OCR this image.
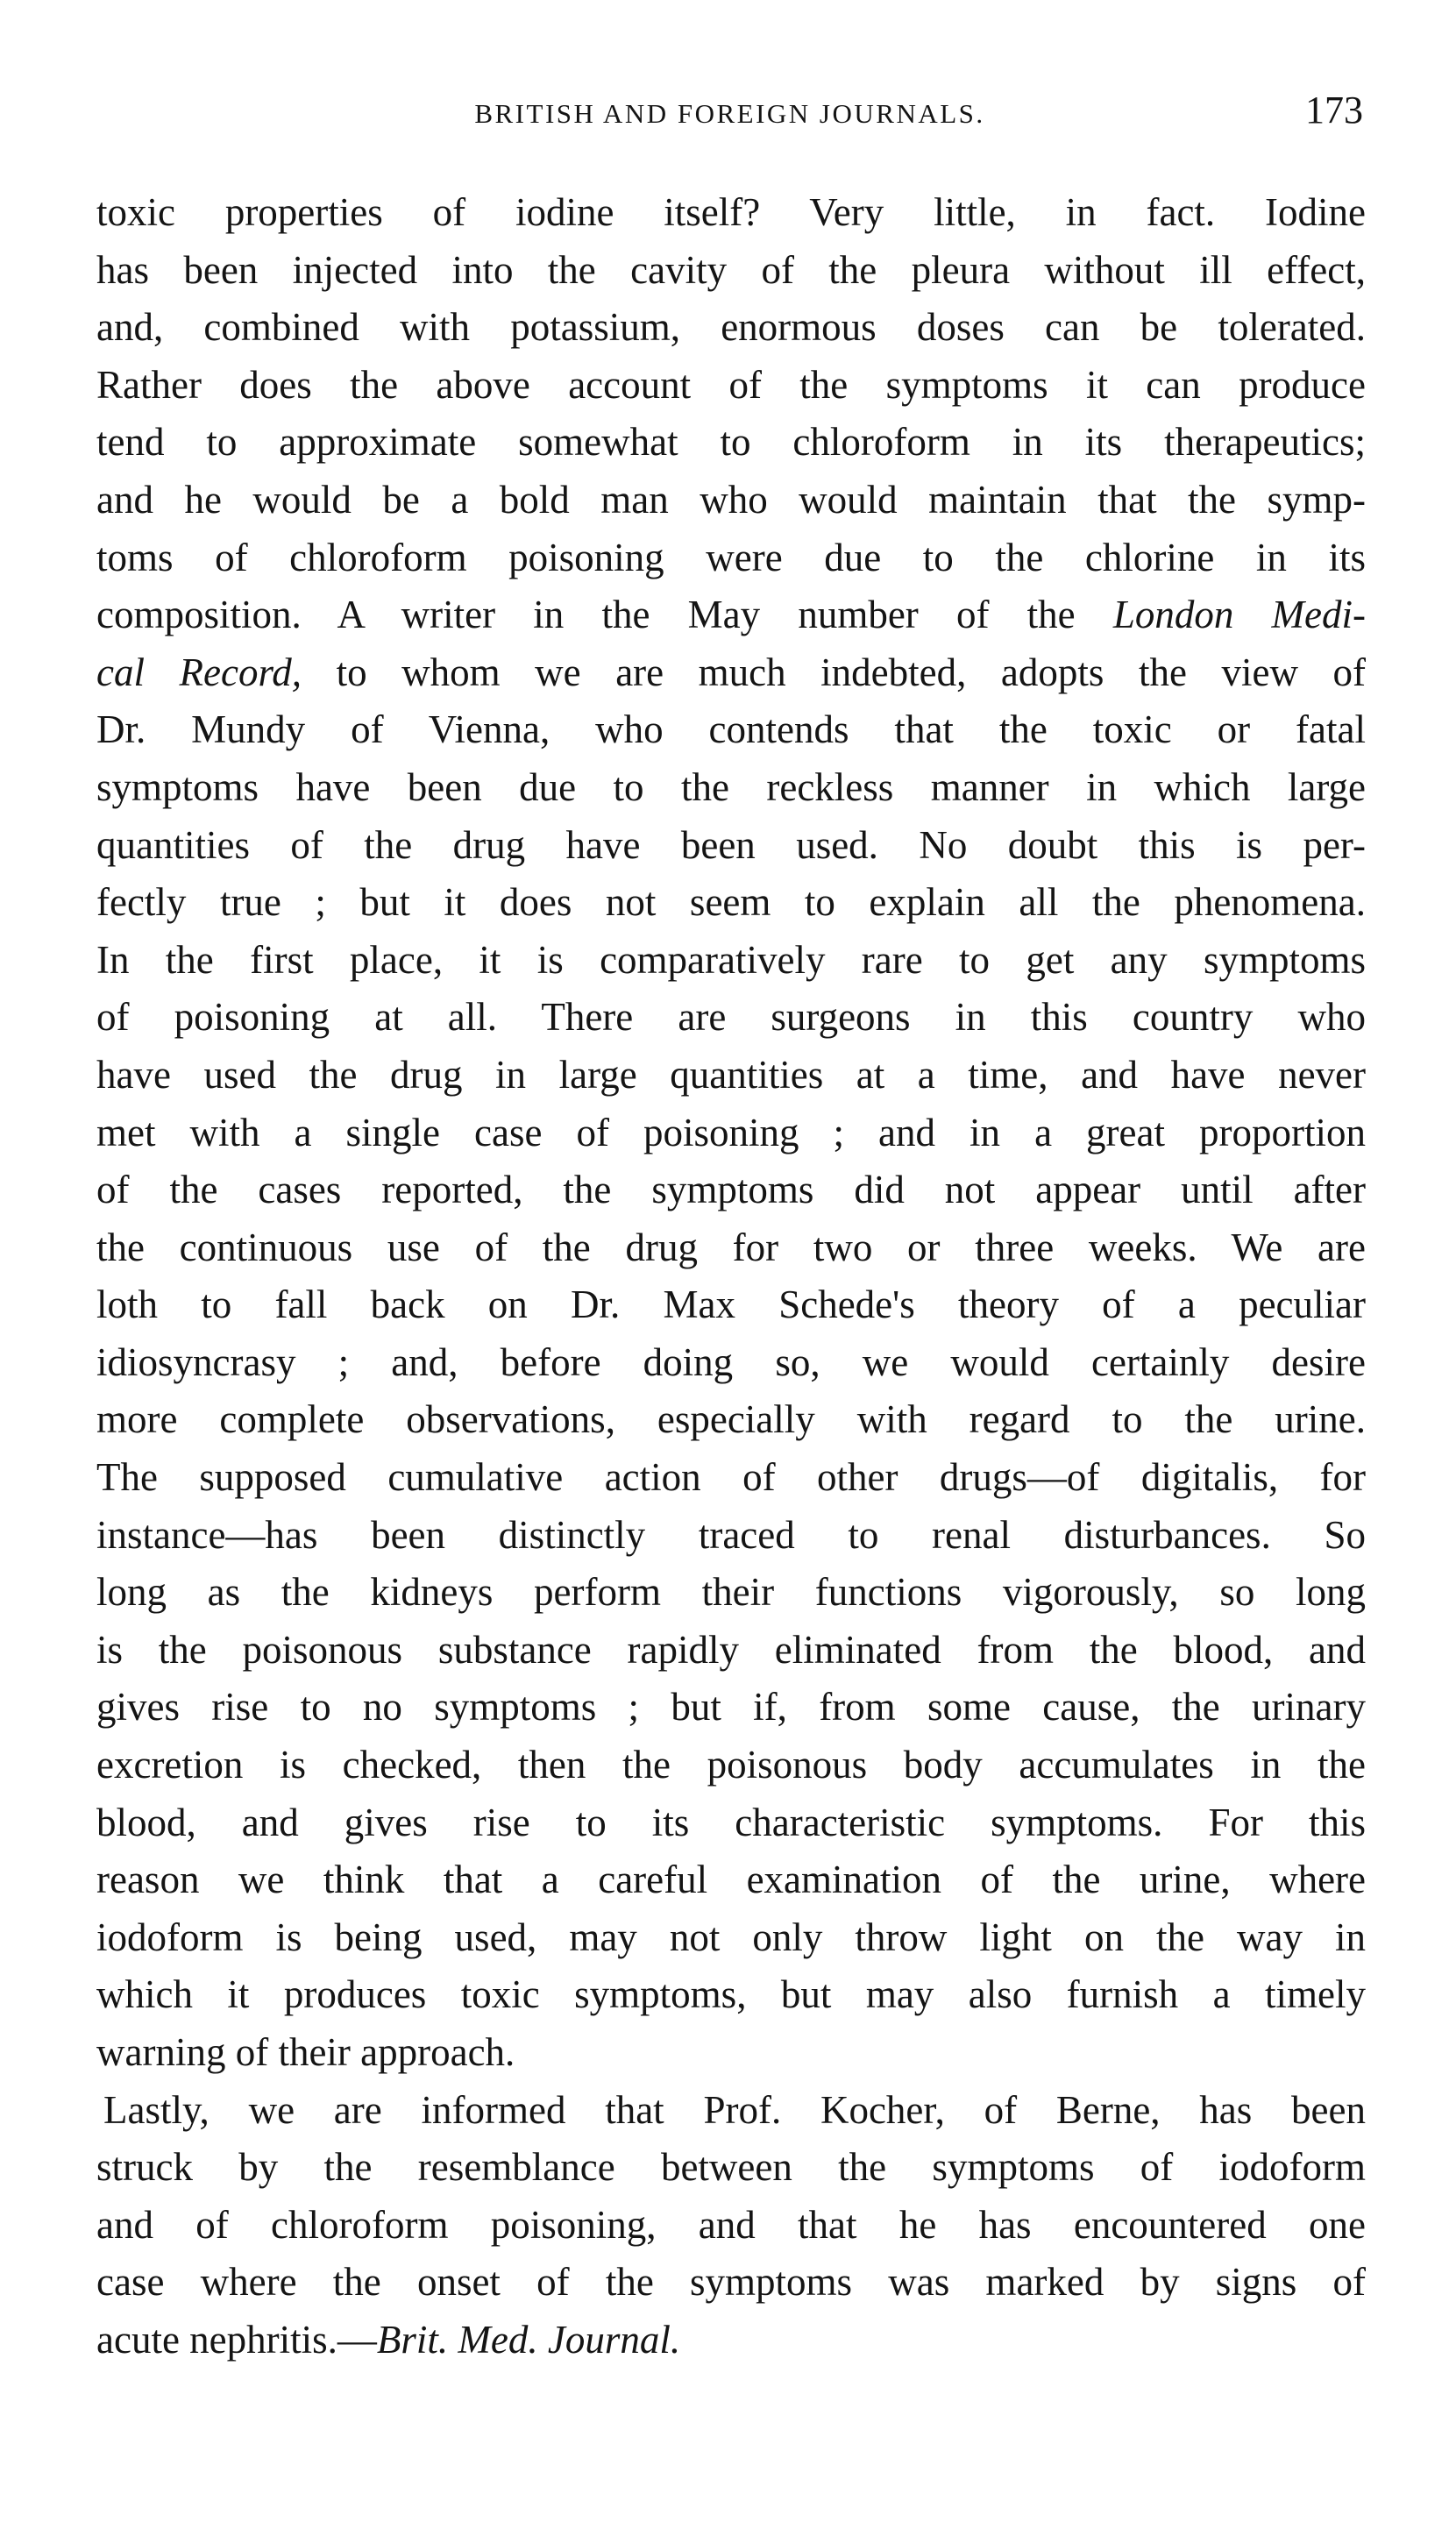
BRITISH AND FOREIGN JOURNALS.	173
toxic properties of iodine itself? Very little, in fact. Iodine
has been injected into the cavity of the pleura without ill effect,
and, combined with potassium, enormous doses can be tolerated.
Rather does the above account of the symptoms it can produce
tend to approximate somewhat to chloroform in its therapeutics;
and he would be a bold man who would maintain that the symp-
toms of chloroform poisoning were due to the chlorine in its
composition. A writer in the May number of the London Medi-
cal Record, to whom we are much indebted, adopts the view of
Dr. Mundy of Vienna, who contends that the toxic or fatal
symptoms have been due to the reckless manner in which large
quantities of the drug have been used. No doubt this is per-
fectly true ; but it does not seem to explain all the phenomena.
In the first place, it is comparatively rare to get any symptoms
of poisoning at all. There are surgeons in this country who
have used the drug in large quantities at a time, and have never
met with a single case of poisoning ; and in a great proportion
of the cases reported, the symptoms did not appear until after
the continuous use of the drug for two or three weeks. We are
loth to fall back on Dr. Max Schede's theory of a peculiar
idiosyncrasy ; and, before doing so, we would certainly desire
more complete observations, especially with regard to the urine.
The supposed cumulative action of other drugs—of digitalis, for
instance—has been distinctly traced to renal disturbances. So
long as the kidneys perform their functions vigorously, so long
is the poisonous substance rapidly eliminated from the blood, and
gives rise to no symptoms ; but if, from some cause, the urinary
excretion is checked, then the poisonous body accumulates in the
blood, and gives rise to its characteristic symptoms. For this
reason we think that a careful examination of the urine, where
iodoform is being used, may not only throw light on the way in
which it produces toxic symptoms, but may also furnish a timely
warning of their approach.
Lastly, we are informed that Prof. Kocher, of Berne, has been
struck by the resemblance between the symptoms of iodoform
and of chloroform poisoning, and that he has encountered one
case where the onset of the symptoms was marked by signs of
acute nephritis.—Brit. Med. Journal.
